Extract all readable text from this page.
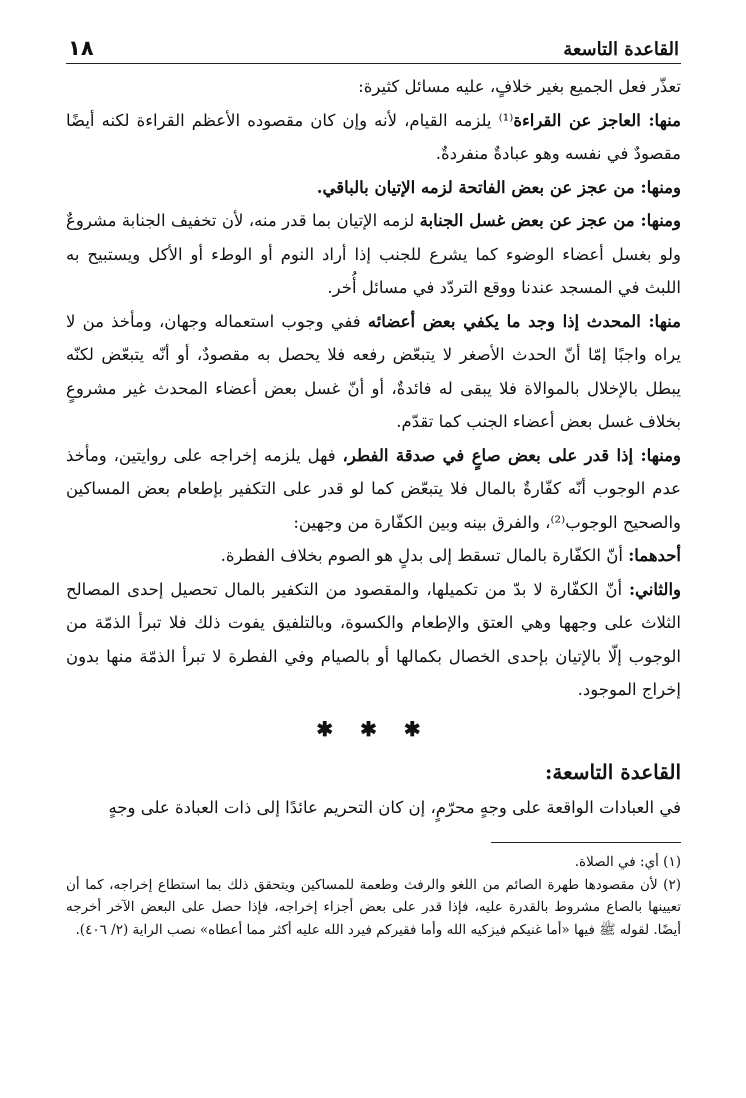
القاعدة التاسعة
١٨

تعذّر فعل الجميع بغير خلافٍ، عليه مسائل كثيرة:

منها: العاجز عن القراءة⁽¹⁾ يلزمه القيام، لأنه وإن كان مقصوده الأعظم القراءة لكنه أيضًا مقصودٌ في نفسه وهو عبادةٌ منفردةٌ.

ومنها: من عجز عن بعض الفاتحة لزمه الإتيان بالباقي.

ومنها: من عجز عن بعض غسل الجنابة لزمه الإتيان بما قدر منه، لأن تخفيف الجنابة مشروعٌ ولو بغسل أعضاء الوضوء كما يشرع للجنب إذا أراد النوم أو الوطء أو الأكل ويستبيح به اللبث في المسجد عندنا ووقع التردّد في مسائل أُخر.

منها: المحدث إذا وجد ما يكفي بعض أعضائه ففي وجوب استعماله وجهان، ومأخذ من لا يراه واجبًا إمّا أنّ الحدث الأصغر لا يتبعّض رفعه فلا يحصل به مقصودٌ، أو أنّه يتبعّض لكنّه يبطل بالإخلال بالموالاة فلا يبقى له فائدةٌ، أو أنّ غسل بعض أعضاء المحدث غير مشروعٍ بخلاف غسل بعض أعضاء الجنب كما تقدّم.

ومنها: إذا قدر على بعض صاعٍ في صدقة الفطر، فهل يلزمه إخراجه على روايتين، ومأخذ عدم الوجوب أنّه كفّارةٌ بالمال فلا يتبعّض كما لو قدر على التكفير بإطعام بعض المساكين والصحيح الوجوب⁽²⁾، والفرق بينه وبين الكفّارة من وجهين:

أحدهما: أنّ الكفّارة بالمال تسقط إلى بدلٍ هو الصوم بخلاف الفطرة.

والثاني: أنّ الكفّارة لا بدّ من تكميلها، والمقصود من التكفير بالمال تحصيل إحدى المصالح الثلاث على وجهها وهي العتق والإطعام والكسوة، وبالتلفيق يفوت ذلك فلا تبرأ الذمّة من الوجوب إلّا بالإتيان بإحدى الخصال بكمالها أو بالصيام وفي الفطرة لا تبرأ الذمّة منها بدون إخراج الموجود.

✱ ✱ ✱
القاعدة التاسعة:

في العبادات الواقعة على وجهٍ محرّمٍ، إن كان التحريم عائدًا إلى ذات العبادة على وجهٍ

(١) أي: في الصلاة.

(٢) لأن مقصودها طهرة الصائم من اللغو والرفث وطعمة للمساكين ويتحقق ذلك بما استطاع إخراجه، كما أن تعيينها بالصاع مشروط بالقدرة عليه، فإذا قدر على بعض أجزاء إخراجه، فإذا حصل على البعض الآخر أخرجه أيضًا. لقوله ﷺ فيها «أما غنيكم فيزكيه الله وأما فقيركم فيرد الله عليه أكثر مما أعطاه» نصب الراية (٢/ ٤٠٦).
